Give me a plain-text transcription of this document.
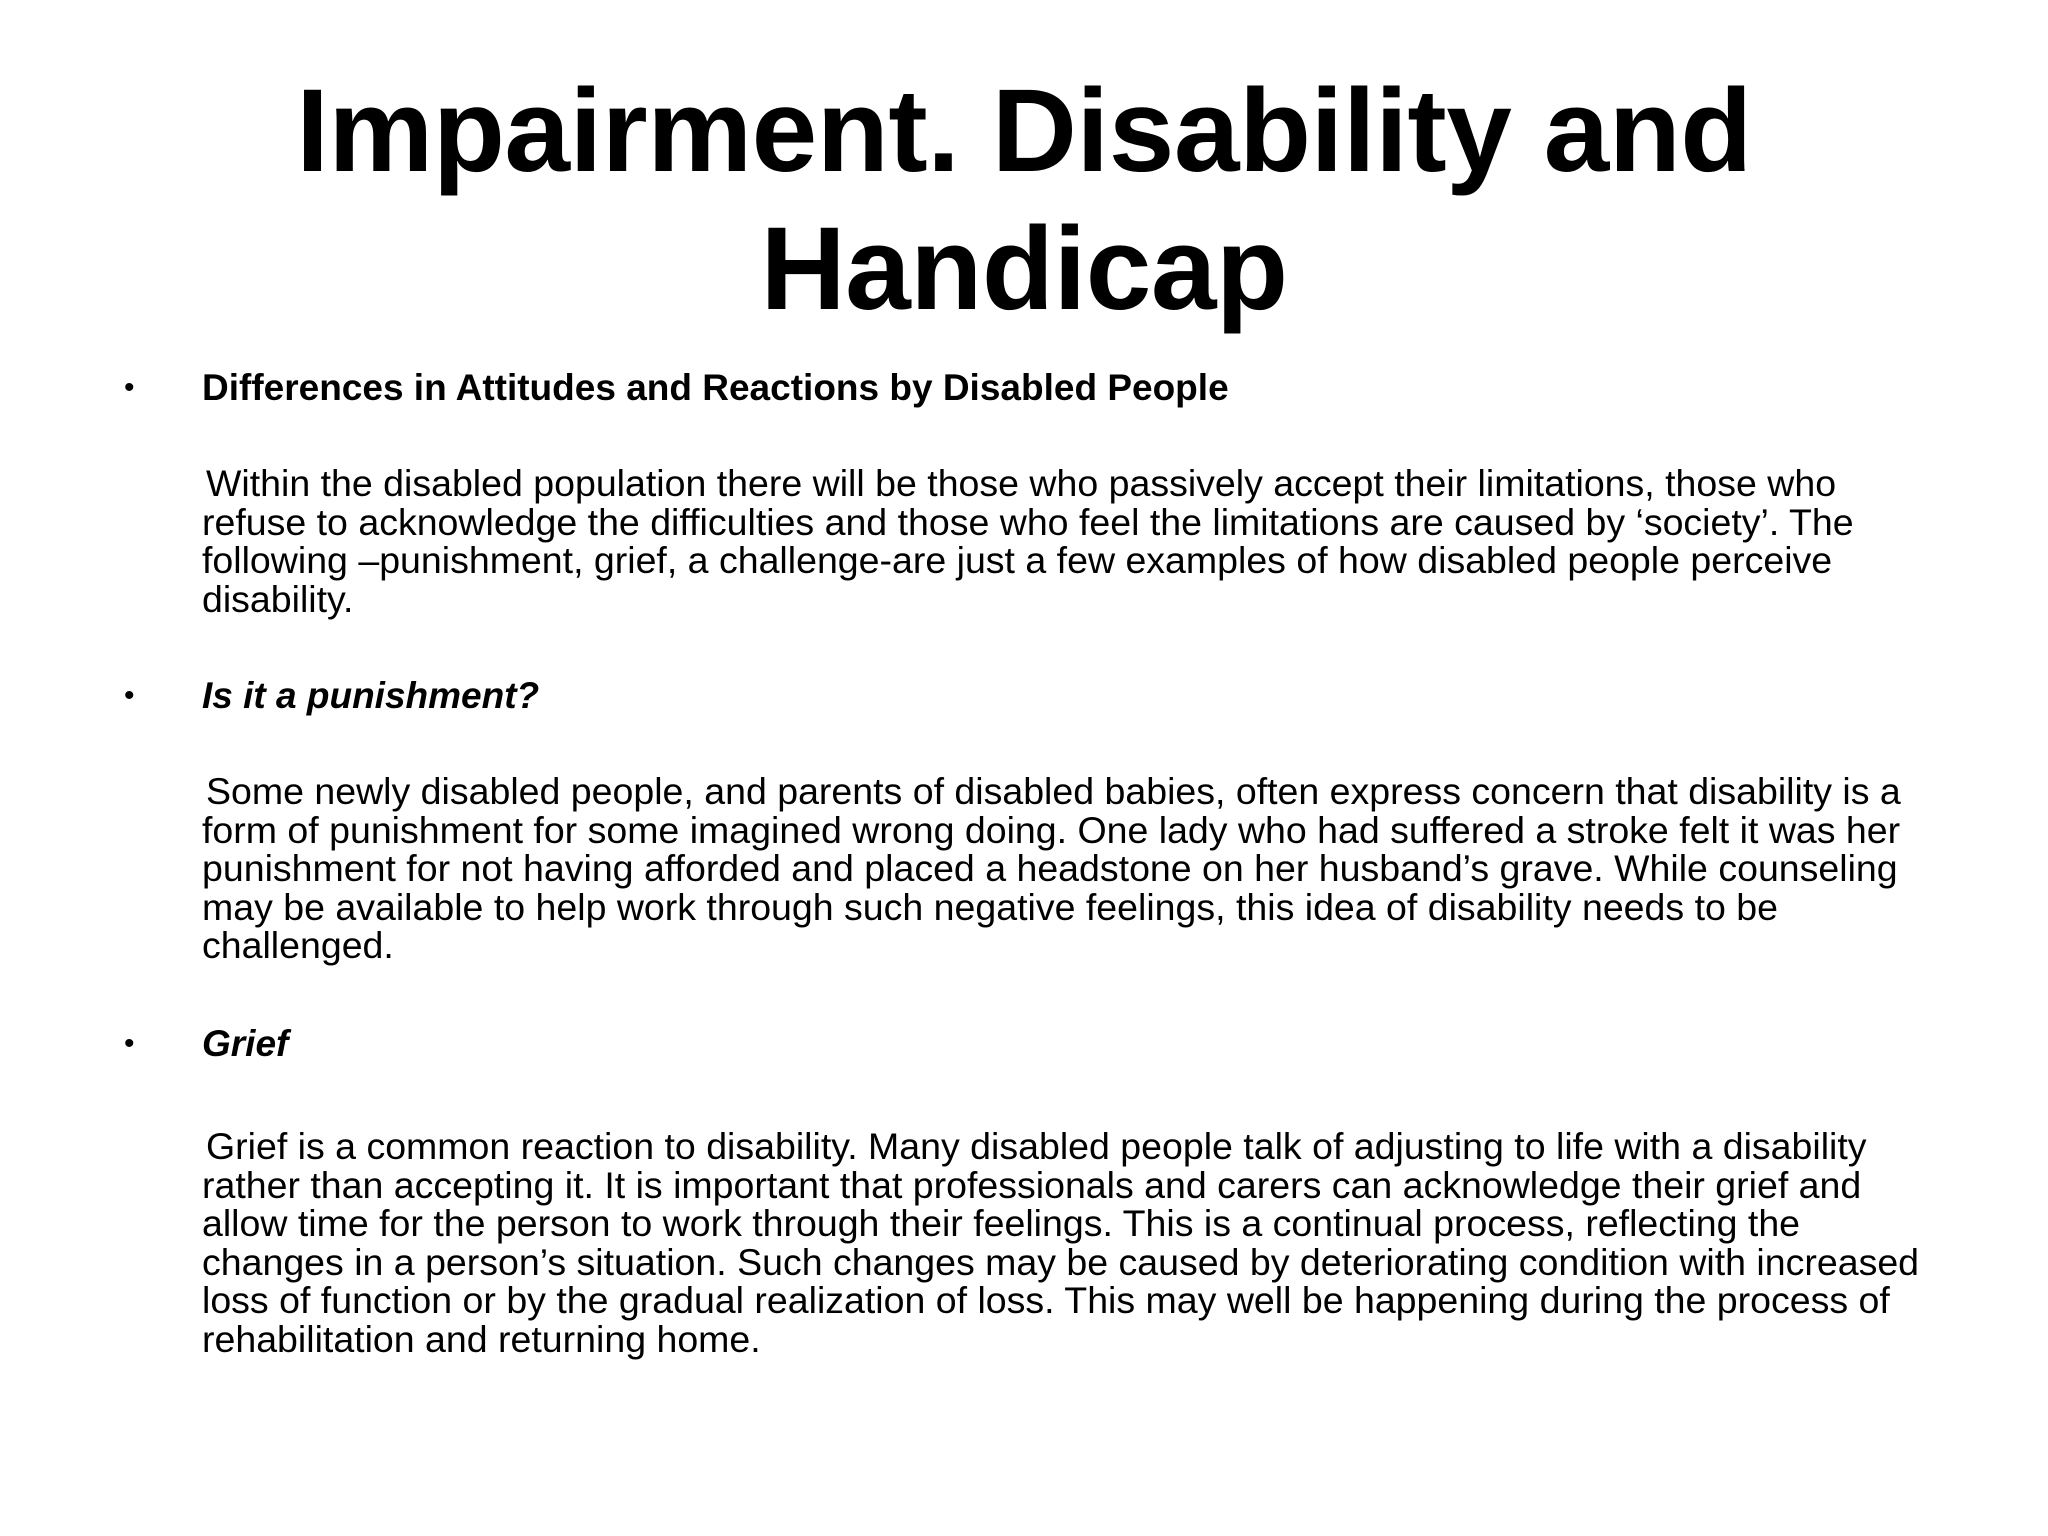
Impairment. Disability and Handicap
• Differences in Attitudes and Reactions by Disabled People

Within the disabled population there will be those who passively accept their limitations, those who refuse to acknowledge the difficulties and those who feel the limitations are caused by ‘society’. The following –punishment, grief, a challenge-are just a few examples of how disabled people perceive disability.

• Is it a punishment?

Some newly disabled people, and parents of disabled babies, often express concern that disability is a form of punishment for some imagined wrong doing. One lady who had suffered a stroke felt it was her punishment for not having afforded and placed a headstone on her husband’s grave. While counseling may be available to help work through such negative feelings, this idea of disability needs to be challenged.

• Grief

Grief is a common reaction to disability. Many disabled people talk of adjusting to life with a disability rather than accepting it. It is important that professionals and carers can acknowledge their grief and allow time for the person to work through their feelings. This is a continual process, reflecting the changes in a person’s situation. Such changes may be caused by deteriorating condition with increased loss of function or by the gradual realization of loss. This may well be happening during the process of rehabilitation and returning home.
